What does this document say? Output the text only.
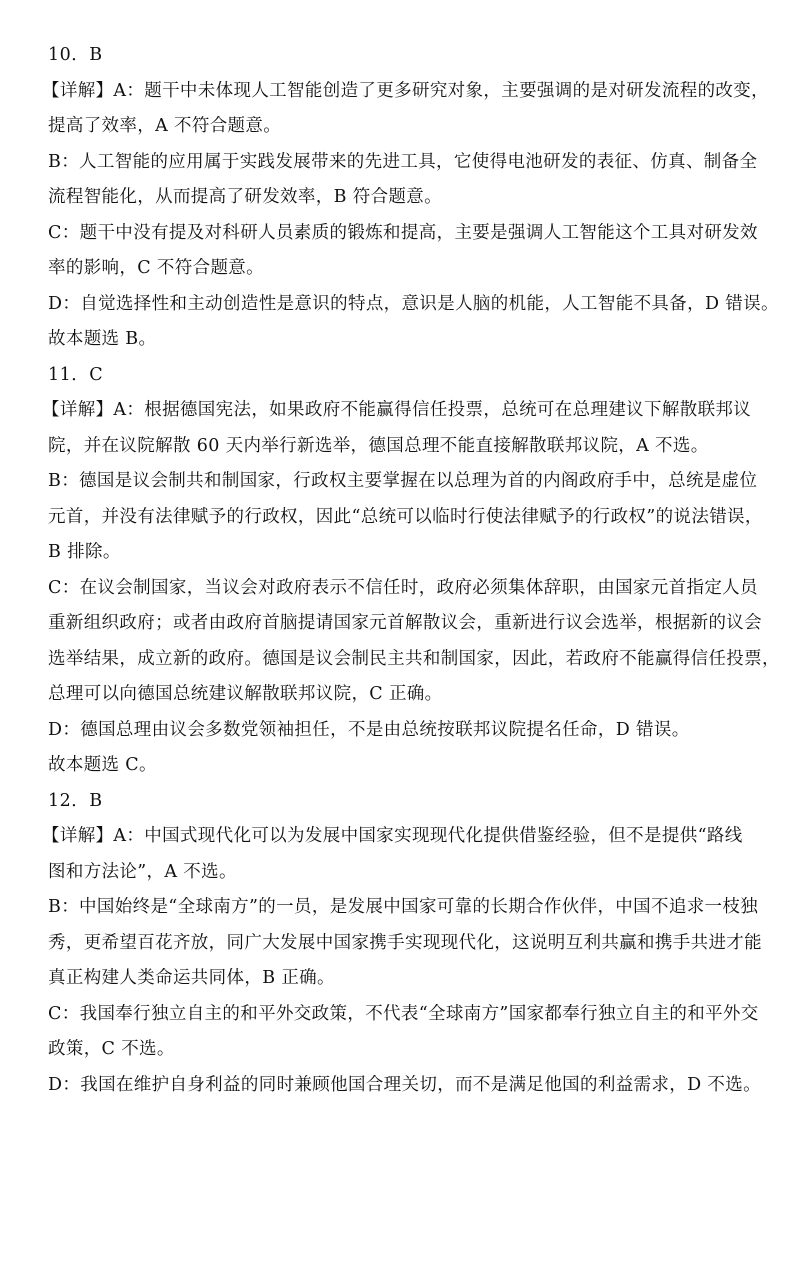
10．B
【详解】A：题干中未体现人工智能创造了更多研究对象，主要强调的是对研发流程的改变，
提高了效率，A 不符合题意。
B：人工智能的应用属于实践发展带来的先进工具，它使得电池研发的表征、仿真、制备全
流程智能化，从而提高了研发效率，B 符合题意。
C：题干中没有提及对科研人员素质的锻炼和提高，主要是强调人工智能这个工具对研发效
率的影响，C 不符合题意。
D：自觉选择性和主动创造性是意识的特点，意识是人脑的机能，人工智能不具备，D 错误。
故本题选 B。
11．C
【详解】A：根据德国宪法，如果政府不能赢得信任投票，总统可在总理建议下解散联邦议
院，并在议院解散 60 天内举行新选举，德国总理不能直接解散联邦议院，A 不选。
B：德国是议会制共和制国家，行政权主要掌握在以总理为首的内阁政府手中，总统是虚位
元首，并没有法律赋予的行政权，因此“总统可以临时行使法律赋予的行政权”的说法错误，
B 排除。
C：在议会制国家，当议会对政府表示不信任时，政府必须集体辞职，由国家元首指定人员
重新组织政府；或者由政府首脑提请国家元首解散议会，重新进行议会选举，根据新的议会
选举结果，成立新的政府。德国是议会制民主共和制国家，因此，若政府不能赢得信任投票，
总理可以向德国总统建议解散联邦议院，C 正确。
D：德国总理由议会多数党领袖担任，不是由总统按联邦议院提名任命，D 错误。
故本题选 C。
12．B
【详解】A：中国式现代化可以为发展中国家实现现代化提供借鉴经验，但不是提供“路线
图和方法论”，A 不选。
B：中国始终是“全球南方”的一员，是发展中国家可靠的长期合作伙伴，中国不追求一枝独
秀，更希望百花齐放，同广大发展中国家携手实现现代化，这说明互利共赢和携手共进才能
真正构建人类命运共同体，B 正确。
C：我国奉行独立自主的和平外交政策，不代表“全球南方”国家都奉行独立自主的和平外交
政策，C 不选。
D：我国在维护自身利益的同时兼顾他国合理关切，而不是满足他国的利益需求，D 不选。
